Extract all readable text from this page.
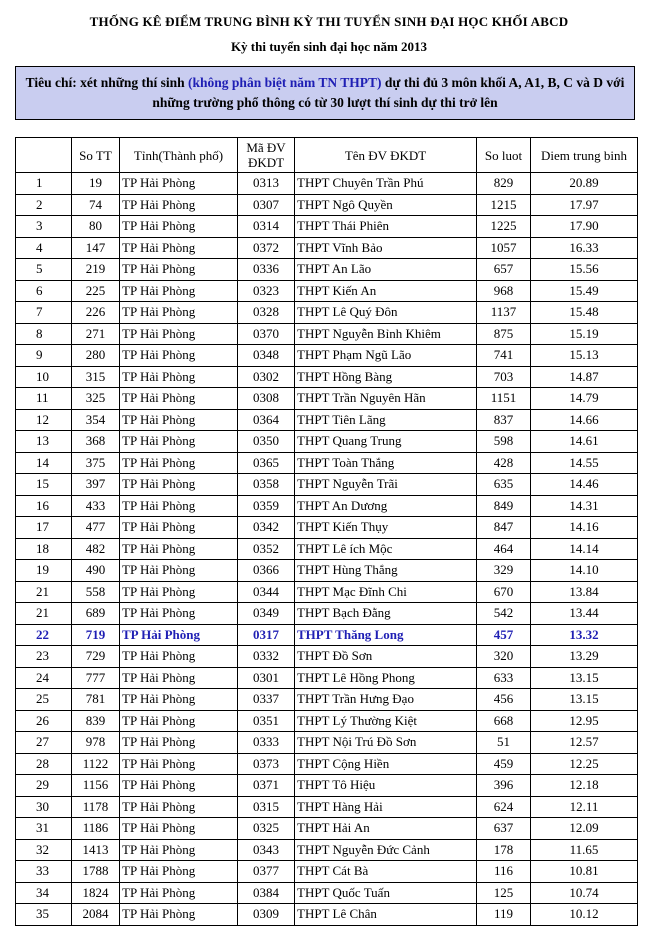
THỐNG KÊ ĐIỂM TRUNG BÌNH KỲ THI TUYỂN SINH ĐẠI HỌC KHỐI ABCD
Kỳ thi tuyển sinh đại học năm 2013
Tiêu chí: xét những thí sinh (không phân biệt năm TN THPT) dự thi đủ 3 môn khối A, A1, B, C và D với những trường phổ thông có từ 30 lượt thí sinh dự thi trở lên
	So TT	Tỉnh(Thành phố)	Mã ĐV ĐKDT	Tên ĐV ĐKDT	So luot	Diem trung binh
1	19	TP Hải Phòng	0313	THPT Chuyên Trần Phú	829	20.89
2	74	TP Hải Phòng	0307	THPT Ngô Quyền	1215	17.97
3	80	TP Hải Phòng	0314	THPT Thái Phiên	1225	17.90
4	147	TP Hải Phòng	0372	THPT Vĩnh Bảo	1057	16.33
5	219	TP Hải Phòng	0336	THPT An Lão	657	15.56
6	225	TP Hải Phòng	0323	THPT Kiến An	968	15.49
7	226	TP Hải Phòng	0328	THPT Lê Quý Đôn	1137	15.48
8	271	TP Hải Phòng	0370	THPT Nguyễn Bỉnh Khiêm	875	15.19
9	280	TP Hải Phòng	0348	THPT Phạm Ngũ Lão	741	15.13
10	315	TP Hải Phòng	0302	THPT Hồng Bàng	703	14.87
11	325	TP Hải Phòng	0308	THPT Trần Nguyên Hãn	1151	14.79
12	354	TP Hải Phòng	0364	THPT Tiên Lãng	837	14.66
13	368	TP Hải Phòng	0350	THPT Quang Trung	598	14.61
14	375	TP Hải Phòng	0365	THPT Toàn Thắng	428	14.55
15	397	TP Hải Phòng	0358	THPT Nguyễn Trãi	635	14.46
16	433	TP Hải Phòng	0359	THPT An Dương	849	14.31
17	477	TP Hải Phòng	0342	THPT Kiến Thụy	847	14.16
18	482	TP Hải Phòng	0352	THPT Lê ích Mộc	464	14.14
19	490	TP Hải Phòng	0366	THPT Hùng Thắng	329	14.10
21	558	TP Hải Phòng	0344	THPT Mạc Đĩnh Chi	670	13.84
21	689	TP Hải Phòng	0349	THPT Bạch Đằng	542	13.44
22	719	TP Hải Phòng	0317	THPT Thăng Long	457	13.32
23	729	TP Hải Phòng	0332	THPT Đồ Sơn	320	13.29
24	777	TP Hải Phòng	0301	THPT Lê Hồng Phong	633	13.15
25	781	TP Hải Phòng	0337	THPT Trần Hưng Đạo	456	13.15
26	839	TP Hải Phòng	0351	THPT Lý Thường Kiệt	668	12.95
27	978	TP Hải Phòng	0333	THPT Nội Trú Đồ Sơn	51	12.57
28	1122	TP Hải Phòng	0373	THPT Cộng Hiền	459	12.25
29	1156	TP Hải Phòng	0371	THPT Tô Hiệu	396	12.18
30	1178	TP Hải Phòng	0315	THPT Hàng Hải	624	12.11
31	1186	TP Hải Phòng	0325	THPT Hải An	637	12.09
32	1413	TP Hải Phòng	0343	THPT Nguyễn Đức Cảnh	178	11.65
33	1788	TP Hải Phòng	0377	THPT Cát Bà	116	10.81
34	1824	TP Hải Phòng	0384	THPT Quốc Tuấn	125	10.74
35	2084	TP Hải Phòng	0309	THPT Lê Chân	119	10.12
